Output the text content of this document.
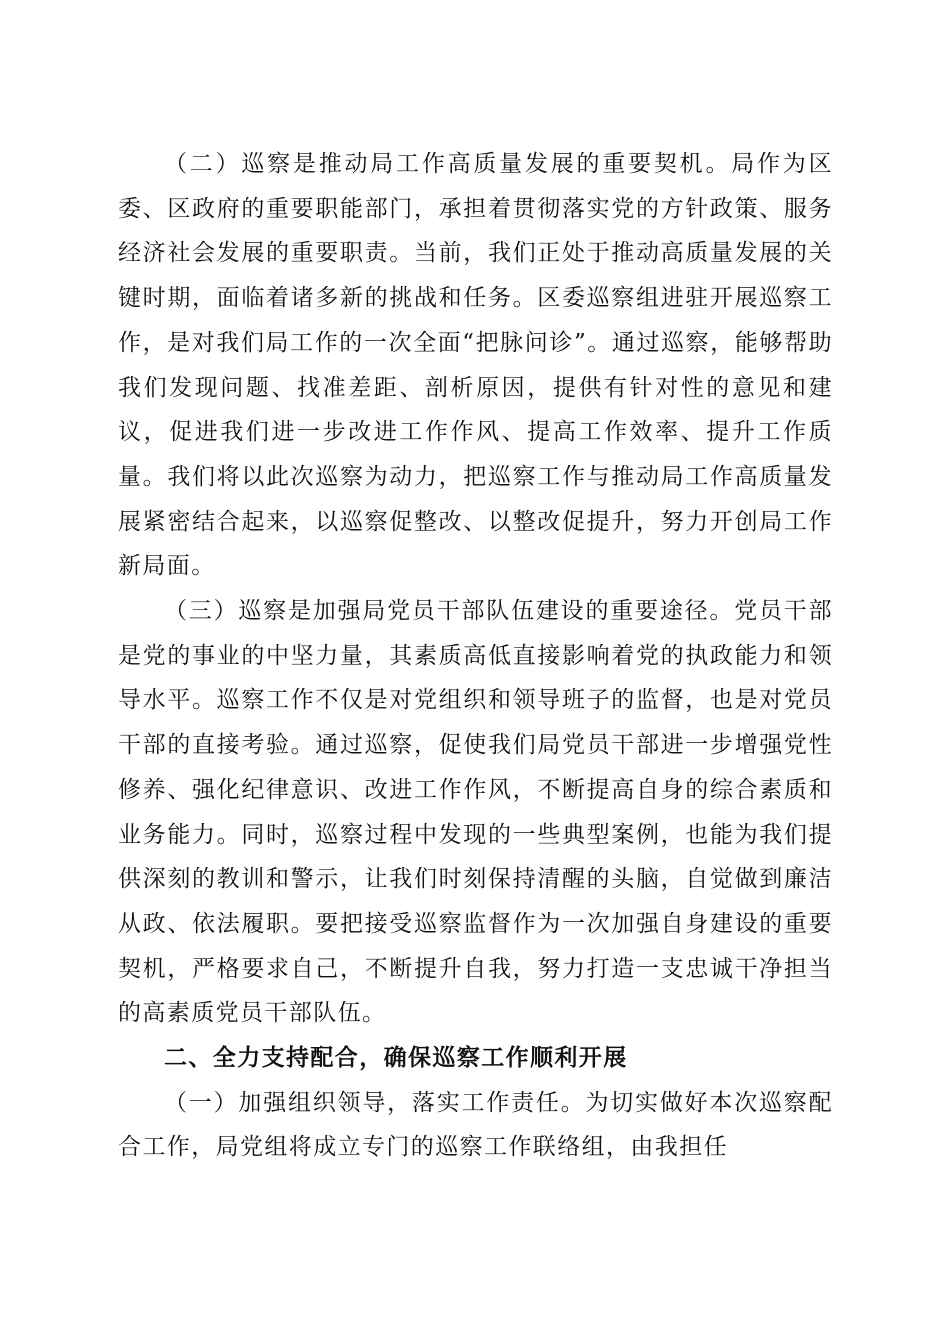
（二）巡察是推动局工作高质量发展的重要契机。局作为区委、区政府的重要职能部门，承担着贯彻落实党的方针政策、服务经济社会发展的重要职责。当前，我们正处于推动高质量发展的关键时期，面临着诸多新的挑战和任务。区委巡察组进驻开展巡察工作，是对我们局工作的一次全面“把脉问诊”。通过巡察，能够帮助我们发现问题、找准差距、剖析原因，提供有针对性的意见和建议，促进我们进一步改进工作作风、提高工作效率、提升工作质量。我们将以此次巡察为动力，把巡察工作与推动局工作高质量发展紧密结合起来，以巡察促整改、以整改促提升，努力开创局工作新局面。

（三）巡察是加强局党员干部队伍建设的重要途径。党员干部是党的事业的中坚力量，其素质高低直接影响着党的执政能力和领导水平。巡察工作不仅是对党组织和领导班子的监督，也是对党员干部的直接考验。通过巡察，促使我们局党员干部进一步增强党性修养、强化纪律意识、改进工作作风，不断提高自身的综合素质和业务能力。同时，巡察过程中发现的一些典型案例，也能为我们提供深刻的教训和警示，让我们时刻保持清醒的头脑，自觉做到廉洁从政、依法履职。要把接受巡察监督作为一次加强自身建设的重要契机，严格要求自己，不断提升自我，努力打造一支忠诚干净担当的高素质党员干部队伍。

二、全力支持配合，确保巡察工作顺利开展

（一）加强组织领导，落实工作责任。为切实做好本次巡察配合工作，局党组将成立专门的巡察工作联络组，由我担任
